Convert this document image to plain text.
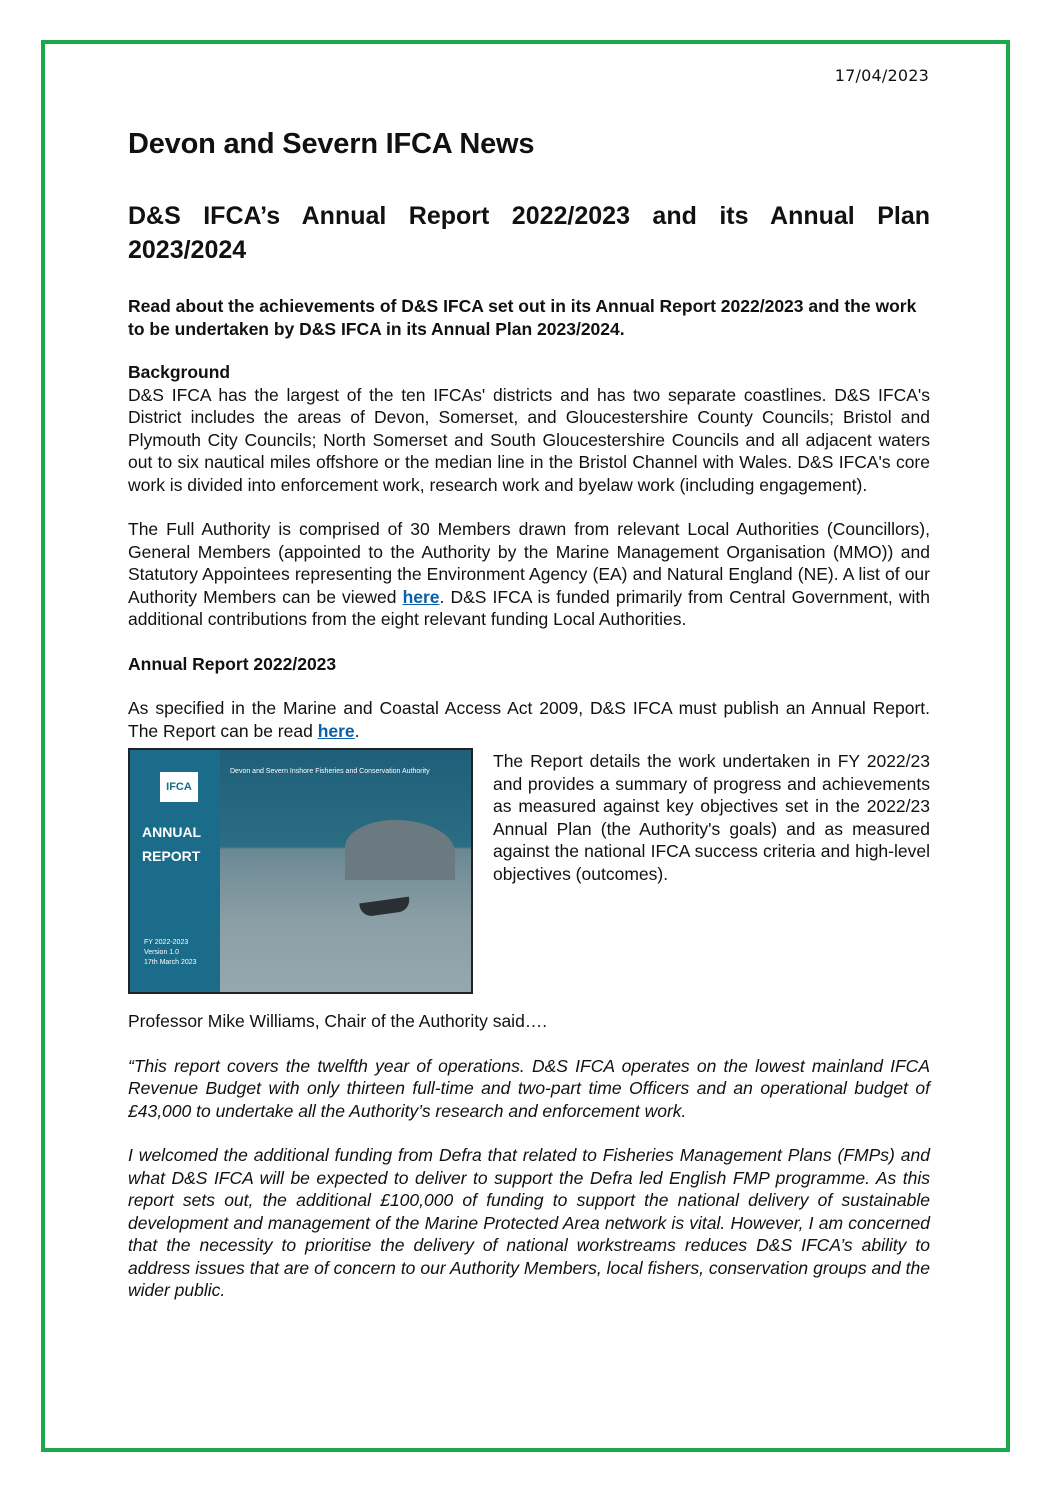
17/04/2023
Devon and Severn IFCA News
D&S IFCA’s Annual Report 2022/2023 and its Annual Plan 2023/2024
Read about the achievements of D&S IFCA set out in its Annual Report 2022/2023 and the work to be undertaken by D&S IFCA in its Annual Plan 2023/2024.
Background

D&S IFCA has the largest of the ten IFCAs' districts and has two separate coastlines. D&S IFCA's District includes the areas of Devon, Somerset, and Gloucestershire County Councils; Bristol and Plymouth City Councils; North Somerset and South Gloucestershire Councils and all adjacent waters out to six nautical miles offshore or the median line in the Bristol Channel with Wales. D&S IFCA's core work is divided into enforcement work, research work and byelaw work (including engagement).

The Full Authority is comprised of 30 Members drawn from relevant Local Authorities (Councillors), General Members (appointed to the Authority by the Marine Management Organisation (MMO)) and Statutory Appointees representing the Environment Agency (EA) and Natural England (NE). A list of our Authority Members can be viewed here. D&S IFCA is funded primarily from Central Government, with additional contributions from the eight relevant funding Local Authorities.

Annual Report 2022/2023

As specified in the Marine and Coastal Access Act 2009, D&S IFCA must publish an Annual Report. The Report can be read here.

IFCA
Devon and Severn Inshore Fisheries and Conservation Authority
ANNUAL
REPORT
FY 2022-2023
Version 1.0
17th March 2023

The Report details the work undertaken in FY 2022/23 and provides a summary of progress and achievements as measured against key objectives set in the 2022/23 Annual Plan (the Authority's goals) and as measured against the national IFCA success criteria and high-level objectives (outcomes).

Professor Mike Williams, Chair of the Authority said….

“This report covers the twelfth year of operations. D&S IFCA operates on the lowest mainland IFCA Revenue Budget with only thirteen full-time and two-part time Officers and an operational budget of £43,000 to undertake all the Authority’s research and enforcement work.

I welcomed the additional funding from Defra that related to Fisheries Management Plans (FMPs) and what D&S IFCA will be expected to deliver to support the Defra led English FMP programme. As this report sets out, the additional £100,000 of funding to support the national delivery of sustainable development and management of the Marine Protected Area network is vital. However, I am concerned that the necessity to prioritise the delivery of national workstreams reduces D&S IFCA’s ability to address issues that are of concern to our Authority Members, local fishers, conservation groups and the wider public.
